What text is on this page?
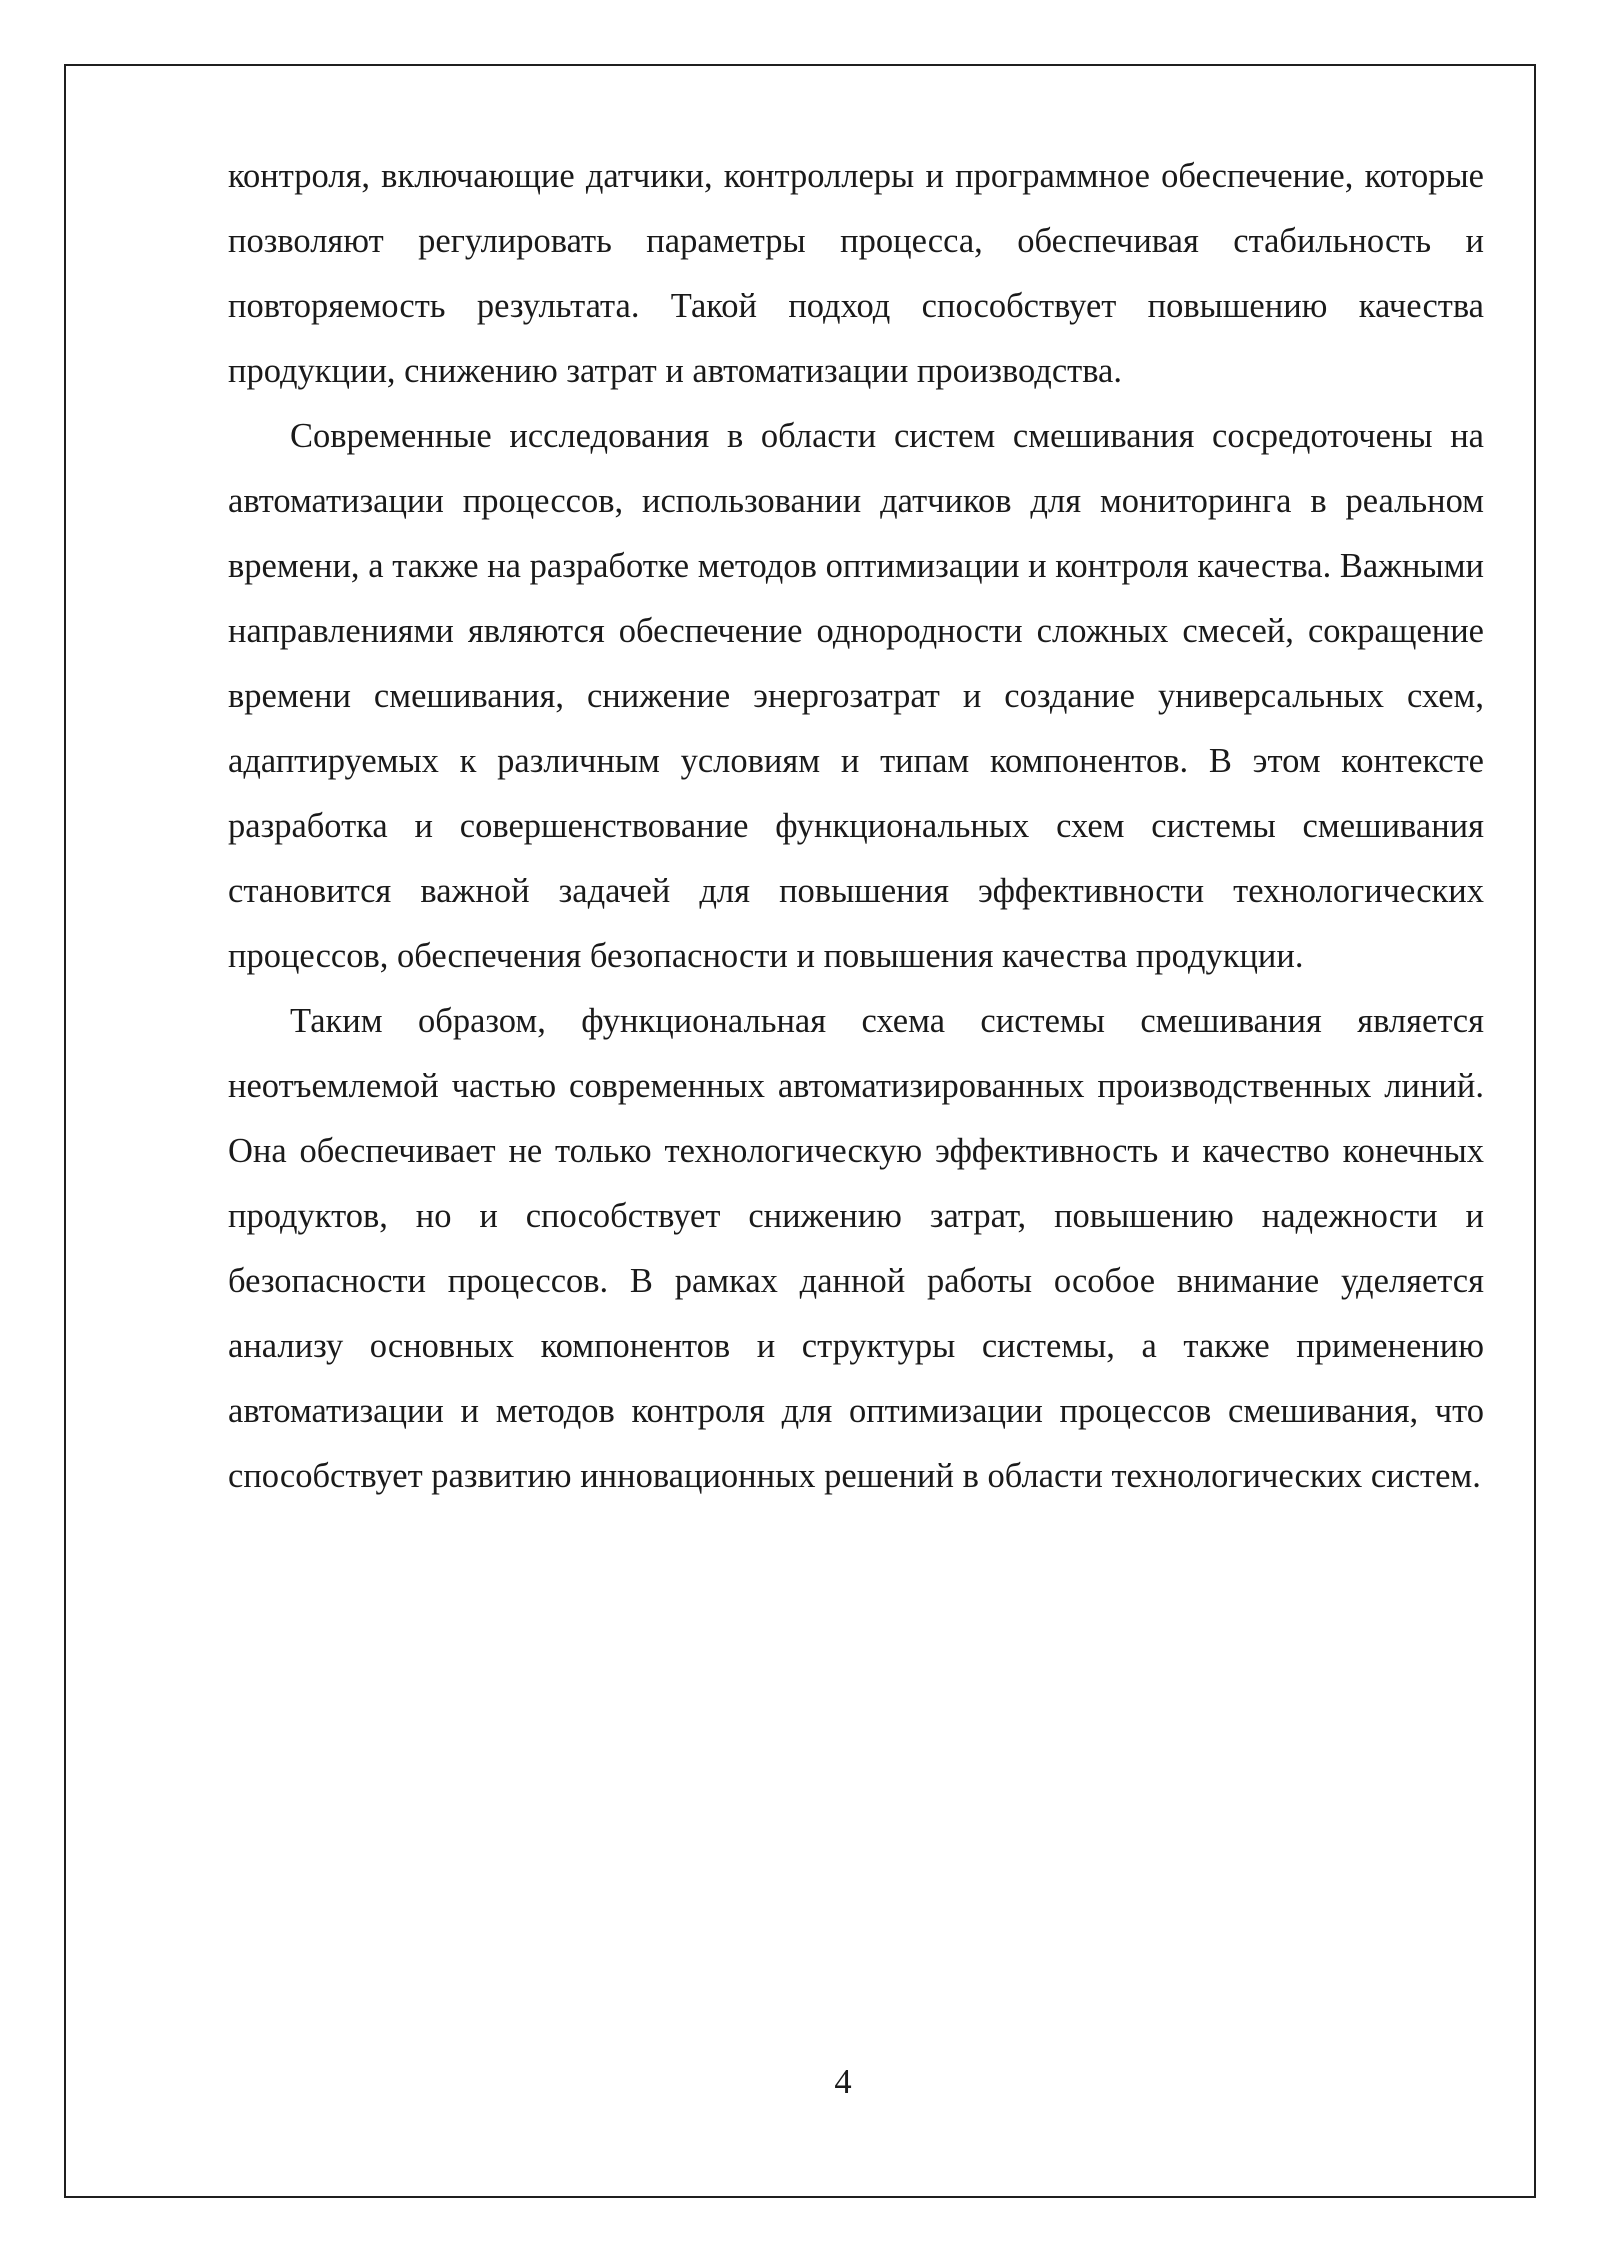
контроля, включающие датчики, контроллеры и программное обеспечение, которые позволяют регулировать параметры процесса, обеспечивая стабильность и повторяемость результата. Такой подход способствует повышению качества продукции, снижению затрат и автоматизации производства.

Современные исследования в области систем смешивания сосредоточены на автоматизации процессов, использовании датчиков для мониторинга в реальном времени, а также на разработке методов оптимизации и контроля качества. Важными направлениями являются обеспечение однородности сложных смесей, сокращение времени смешивания, снижение энергозатрат и создание универсальных схем, адаптируемых к различным условиям и типам компонентов. В этом контексте разработка и совершенствование функциональных схем системы смешивания становится важной задачей для повышения эффективности технологических процессов, обеспечения безопасности и повышения качества продукции.

Таким образом, функциональная схема системы смешивания является неотъемлемой частью современных автоматизированных производственных линий. Она обеспечивает не только технологическую эффективность и качество конечных продуктов, но и способствует снижению затрат, повышению надежности и безопасности процессов. В рамках данной работы особое внимание уделяется анализу основных компонентов и структуры системы, а также применению автоматизации и методов контроля для оптимизации процессов смешивания, что способствует развитию инновационных решений в области технологических систем.

4
